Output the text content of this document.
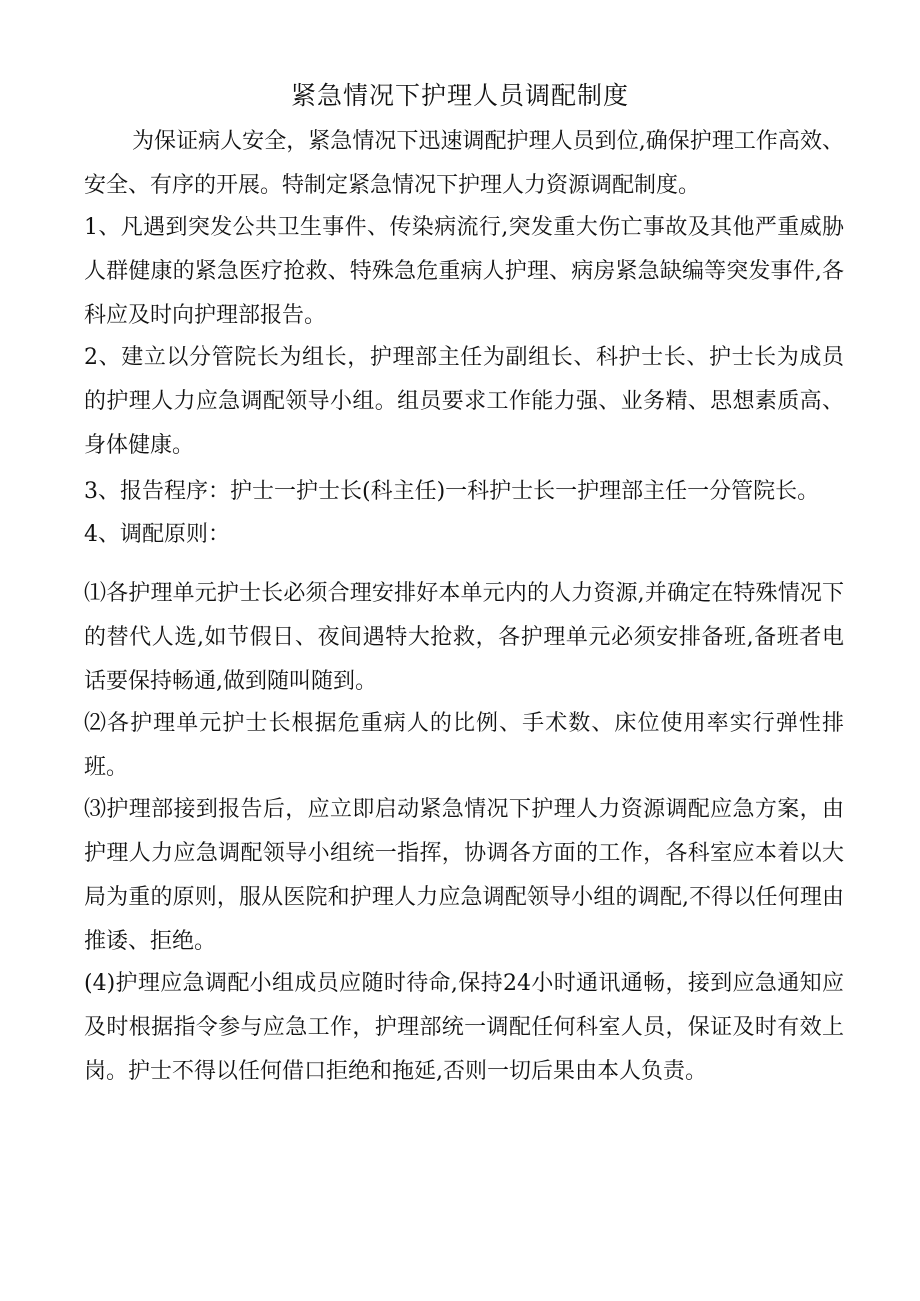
紧急情况下护理人员调配制度

为保证病人安全，紧急情况下迅速调配护理人员到位,确保护理工作高效、安全、有序的开展。特制定紧急情况下护理人力资源调配制度。

1、凡遇到突发公共卫生事件、传染病流行,突发重大伤亡事故及其他严重威胁人群健康的紧急医疗抢救、特殊急危重病人护理、病房紧急缺编等突发事件,各科应及时向护理部报告。

2、建立以分管院长为组长，护理部主任为副组长、科护士长、护士长为成员的护理人力应急调配领导小组。组员要求工作能力强、业务精、思想素质高、身体健康。

3、报告程序：护士一护士长(科主任)一科护士长一护理部主任一分管院长。

4、调配原则：

⑴各护理单元护士长必须合理安排好本单元内的人力资源,并确定在特殊情况下的替代人选,如节假日、夜间遇特大抢救，各护理单元必须安排备班,备班者电话要保持畅通,做到随叫随到。

⑵各护理单元护士长根据危重病人的比例、手术数、床位使用率实行弹性排班。

⑶护理部接到报告后，应立即启动紧急情况下护理人力资源调配应急方案，由护理人力应急调配领导小组统一指挥，协调各方面的工作，各科室应本着以大局为重的原则，服从医院和护理人力应急调配领导小组的调配,不得以任何理由推诿、拒绝。

(4)护理应急调配小组成员应随时待命,保持24小时通讯通畅，接到应急通知应及时根据指令参与应急工作，护理部统一调配任何科室人员，保证及时有效上岗。护士不得以任何借口拒绝和拖延,否则一切后果由本人负责。
